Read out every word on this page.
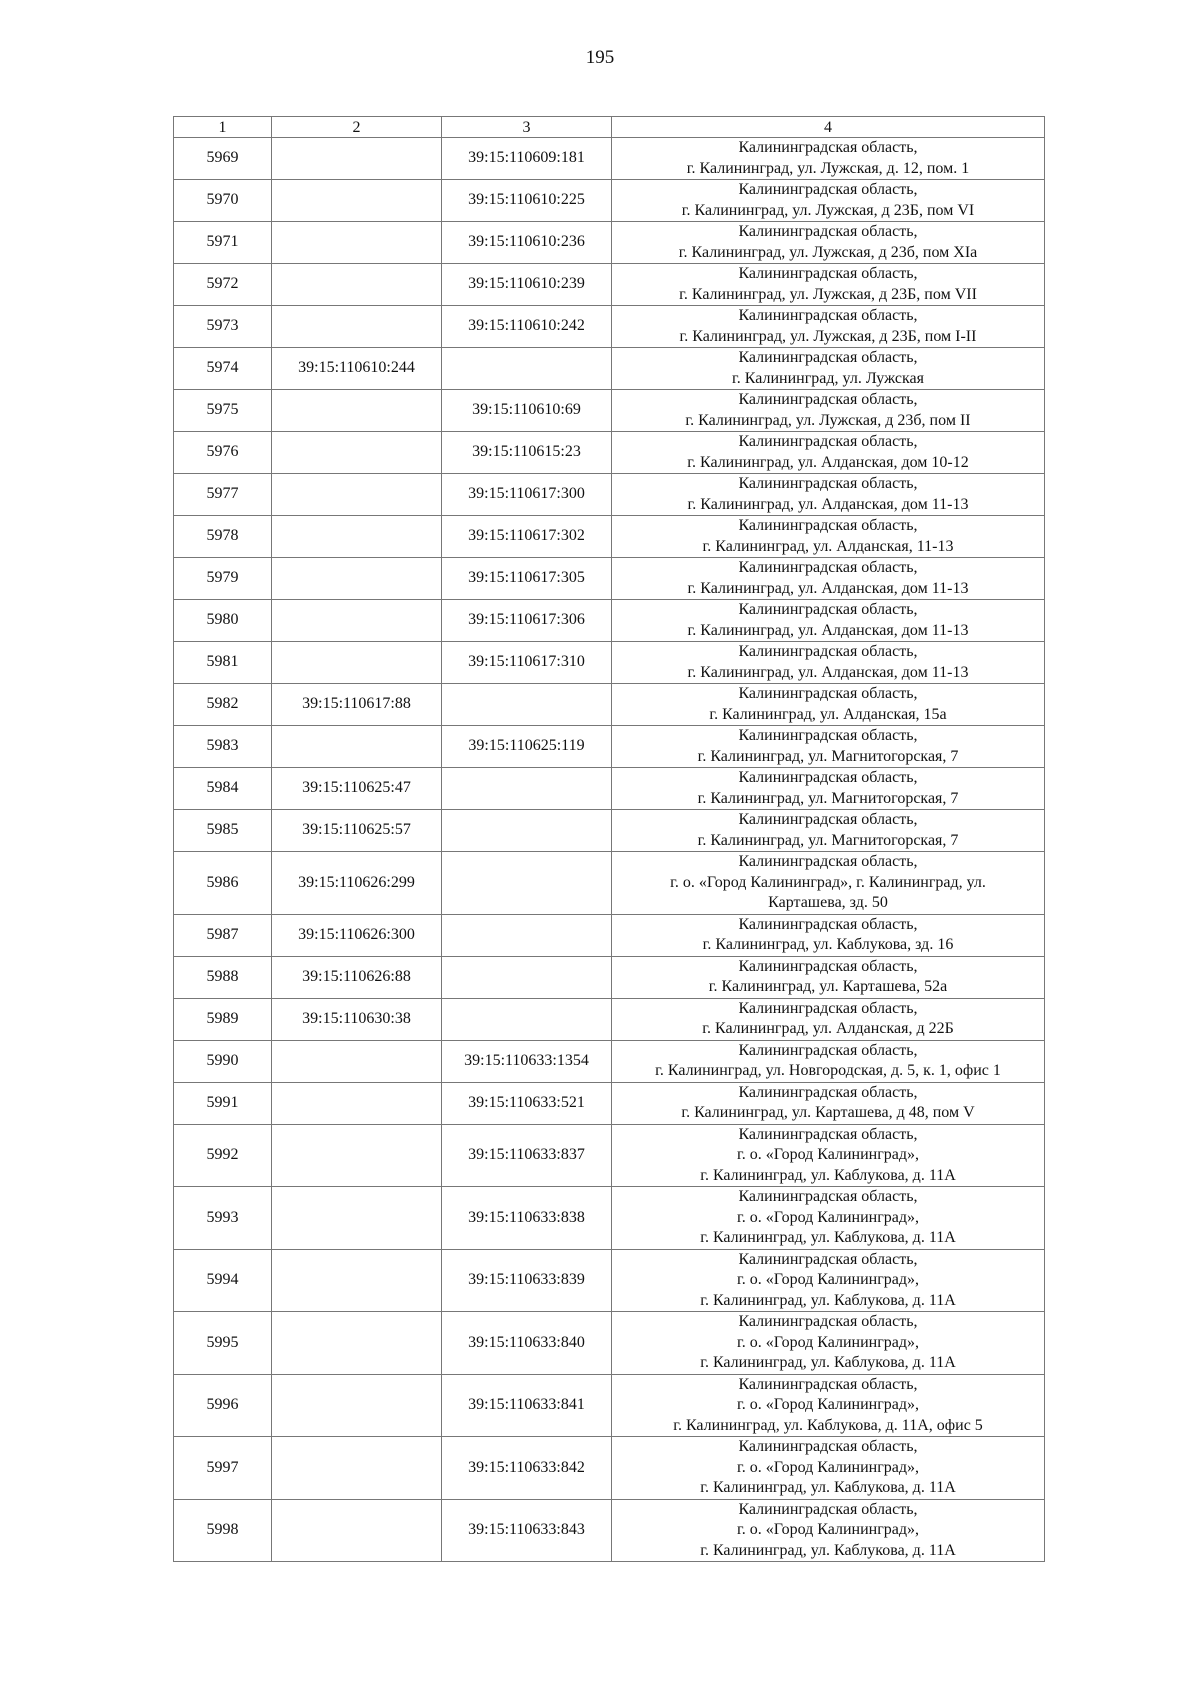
195
1	2	3	4
5969		39:15:110609:181	Калининградская область,
г. Калининград, ул. Лужская, д. 12, пом. 1

5970		39:15:110610:225	Калининградская область,
г. Калининград, ул. Лужская, д 23Б, пом VI

5971		39:15:110610:236	Калининградская область,
г. Калининград, ул. Лужская, д 23б, пом XIa

5972		39:15:110610:239	Калининградская область,
г. Калининград, ул. Лужская, д 23Б, пом VII

5973		39:15:110610:242	Калининградская область,
г. Калининград, ул. Лужская, д 23Б, пом I-II

5974	39:15:110610:244		Калининградская область,
г. Калининград, ул. Лужская

5975		39:15:110610:69	Калининградская область,
г. Калининград, ул. Лужская, д 23б, пом II

5976		39:15:110615:23	Калининградская область,
г. Калининград, ул. Алданская, дом 10-12

5977		39:15:110617:300	Калининградская область,
г. Калининград, ул. Алданская, дом 11-13

5978		39:15:110617:302	Калининградская область,
г. Калининград, ул. Алданская, 11-13

5979		39:15:110617:305	Калининградская область,
г. Калининград, ул. Алданская, дом 11-13

5980		39:15:110617:306	Калининградская область,
г. Калининград, ул. Алданская, дом 11-13

5981		39:15:110617:310	Калининградская область,
г. Калининград, ул. Алданская, дом 11-13

5982	39:15:110617:88		Калининградская область,
г. Калининград, ул. Алданская, 15а

5983		39:15:110625:119	Калининградская область,
г. Калининград, ул. Магнитогорская, 7

5984	39:15:110625:47		Калининградская область,
г. Калининград, ул. Магнитогорская, 7

5985	39:15:110625:57		Калининградская область,
г. Калининград, ул. Магнитогорская, 7

5986	39:15:110626:299		Калининградская область,
г. о. «Город Калининград», г. Калининград, ул.
Карташева, зд. 50

5987	39:15:110626:300		Калининградская область,
г. Калининград, ул. Каблукова, зд. 16

5988	39:15:110626:88		Калининградская область,
г. Калининград, ул. Карташева, 52а

5989	39:15:110630:38		Калининградская область,
г. Калининград, ул. Алданская, д 22Б

5990		39:15:110633:1354	Калининградская область,
г. Калининград, ул. Новгородская, д. 5, к. 1, офис 1

5991		39:15:110633:521	Калининградская область,
г. Калининград, ул. Карташева, д 48, пом V

5992		39:15:110633:837	Калининградская область,
г. о. «Город Калининград»,
г. Калининград, ул. Каблукова, д. 11А

5993		39:15:110633:838	Калининградская область,
г. о. «Город Калининград»,
г. Калининград, ул. Каблукова, д. 11А

5994		39:15:110633:839	Калининградская область,
г. о. «Город Калининград»,
г. Калининград, ул. Каблукова, д. 11А

5995		39:15:110633:840	Калининградская область,
г. о. «Город Калининград»,
г. Калининград, ул. Каблукова, д. 11А

5996		39:15:110633:841	Калининградская область,
г. о. «Город Калининград»,
г. Калининград, ул. Каблукова, д. 11А, офис 5

5997		39:15:110633:842	Калининградская область,
г. о. «Город Калининград»,
г. Калининград, ул. Каблукова, д. 11А

5998		39:15:110633:843	Калининградская область,
г. о. «Город Калининград»,
г. Калининград, ул. Каблукова, д. 11А
